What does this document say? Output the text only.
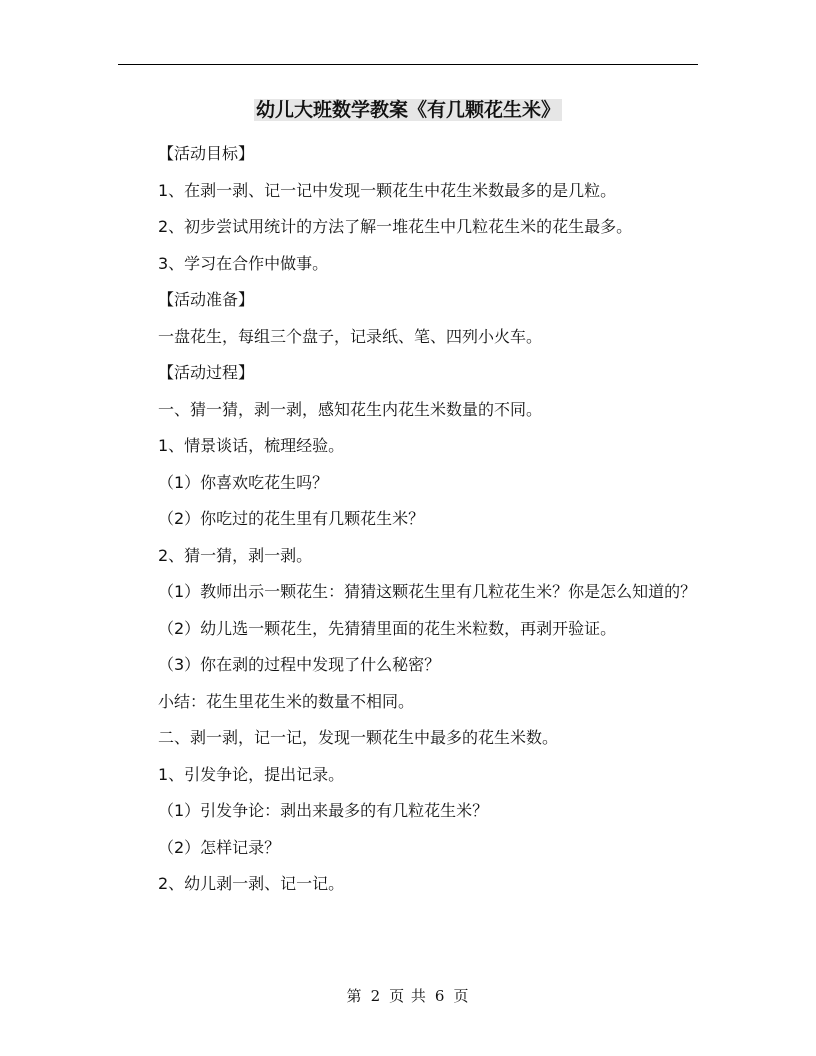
幼儿大班数学教案《有几颗花生米》

【活动目标】

1、在剥一剥、记一记中发现一颗花生中花生米数最多的是几粒。

2、初步尝试用统计的方法了解一堆花生中几粒花生米的花生最多。

3、学习在合作中做事。

【活动准备】

一盘花生，每组三个盘子，记录纸、笔、四列小火车。

【活动过程】

一、猜一猜，剥一剥，感知花生内花生米数量的不同。

1、情景谈话，梳理经验。

（1）你喜欢吃花生吗？

（2）你吃过的花生里有几颗花生米？

2、猜一猜，剥一剥。

（1）教师出示一颗花生：猜猜这颗花生里有几粒花生米？你是怎么知道的？

（2）幼儿选一颗花生，先猜猜里面的花生米粒数，再剥开验证。

（3）你在剥的过程中发现了什么秘密？

小结：花生里花生米的数量不相同。

二、剥一剥，记一记，发现一颗花生中最多的花生米数。

1、引发争论，提出记录。

（1）引发争论：剥出来最多的有几粒花生米？

（2）怎样记录？

2、幼儿剥一剥、记一记。

第 2 页 共 6 页
